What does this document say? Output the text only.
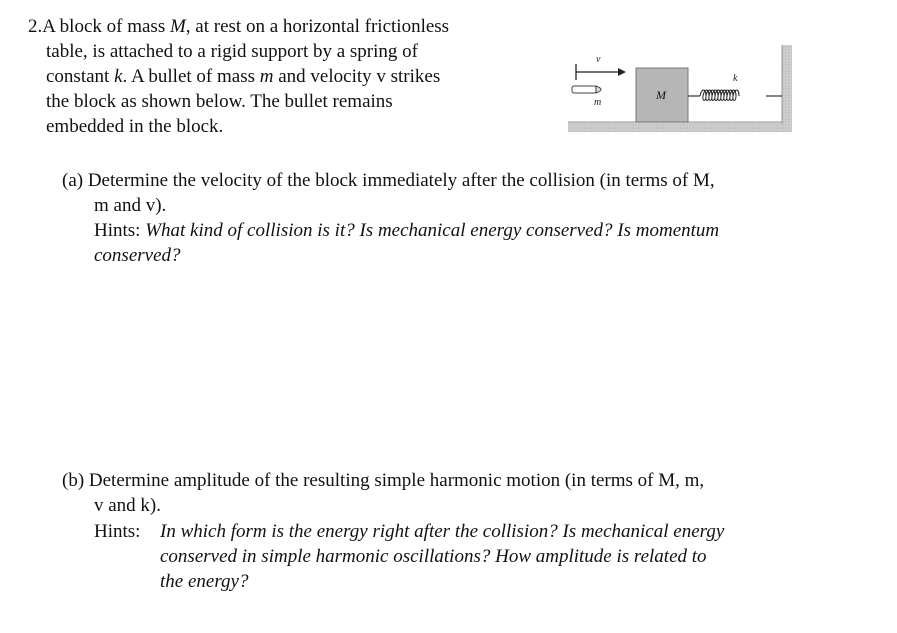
2.A block of mass M, at rest on a horizontal frictionless
table, is attached to a rigid support by a spring of
constant k. A bullet of mass m and velocity v strikes
the block as shown below. The bullet remains
embedded in the block.
v
m
M
k
(a) Determine the velocity of the block immediately after the collision (in terms of M,
m and v).
Hints: What kind of collision is it? Is mechanical energy conserved? Is momentum
conserved?
(b) Determine amplitude of the resulting simple harmonic motion (in terms of M, m,
v and k).
Hints: In which form is the energy right after the collision? Is mechanical energy
conserved in simple harmonic oscillations? How amplitude is related to
the energy?
